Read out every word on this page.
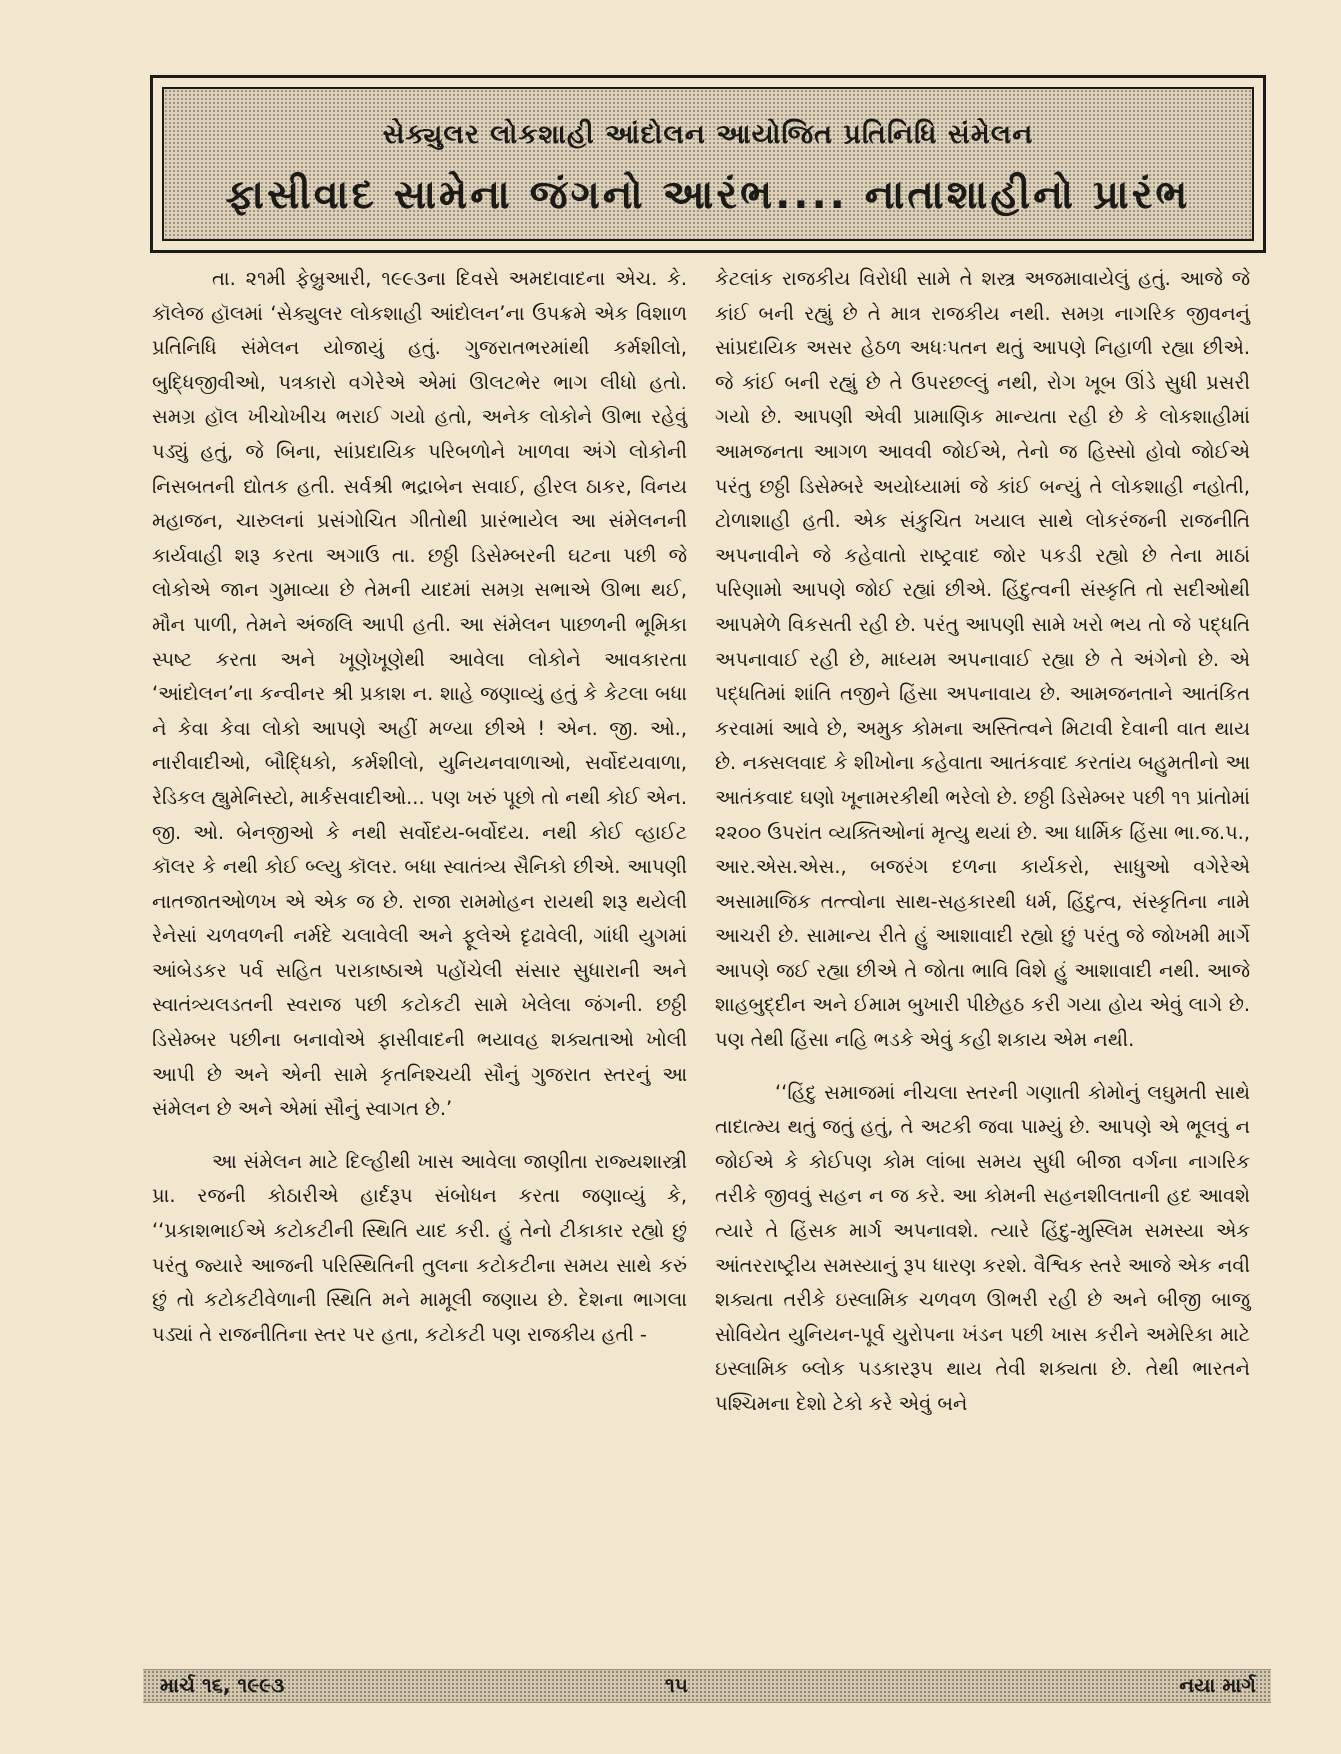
સેક્યુલર લોકશાહી આંદોલન આયોજિત પ્રતિનિધિ સંમેલન
ફાસીવાદ સામેના જંગનો આરંભ.... નાતાશાહીનો પ્રારંભ

તા. ૨૧મી ફેબ્રુઆરી, ૧૯૯૩ના દિવસે અમદાવાદના એચ. કે. કૉલેજ હૉલમાં ‘સેક્યુલર લોકશાહી આંદોલન’ના ઉપક્રમે એક વિશાળ પ્રતિનિધિ સંમેલન યોજાયું હતું. ગુજરાતભરમાંથી કર્મશીલો, બુદ્ધિજીવીઓ, પત્રકારો વગેરેએ એમાં ઊલટભેર ભાગ લીધો હતો. સમગ્ર હૉલ ખીચોખીચ ભરાઈ ગયો હતો, અનેક લોકોને ઊભા રહેવું પડ્યું હતું, જે બિના, સાંપ્રદાયિક પરિબળોને ખાળવા અંગે લોકોની નિસબતની દ્યોતક હતી. સર્વશ્રી ભદ્રાબેન સવાઈ, હીરલ ઠાકર, વિનય મહાજન, ચારુલનાં પ્રસંગોચિત ગીતોથી પ્રારંભાયેલ આ સંમેલનની કાર્યવાહી શરૂ કરતા અગાઉ તા. છઠ્ઠી ડિસેમ્બરની ઘટના પછી જે લોકોએ જાન ગુમાવ્યા છે તેમની યાદમાં સમગ્ર સભાએ ઊભા થઈ, મૌન પાળી, તેમને અંજલિ આપી હતી. આ સંમેલન પાછળની ભૂમિકા સ્પષ્ટ કરતા અને ખૂણેખૂણેથી આવેલા લોકોને આવકારતા ‘આંદોલન’ના કન્વીનર શ્રી પ્રકાશ ન. શાહે જણાવ્યું હતું કે કેટલા બધા ને કેવા કેવા લોકો આપણે અહીં મળ્યા છીએ ! એન. જી. ઓ., નારીવાદીઓ, બૌદ્ધિકો, કર્મશીલો, યુનિયનવાળાઓ, સર્વોદયવાળા, રેડિકલ હ્યુમેનિસ્ટો, માર્કસવાદીઓ... પણ ખરું પૂછો તો નથી કોઈ એન. જી. ઓ. બેનજીઓ કે નથી સર્વોદય-બર્વોદય. નથી કોઈ વ્હાઈટ કૉલર કે નથી કોઈ બ્લ્યુ કૉલર. બધા સ્વાતંત્ર્ય સૈનિકો છીએ. આપણી નાતજાતઓળખ એ એક જ છે. રાજા રામમોહન રાયથી શરૂ થયેલી રેનેસાં ચળવળની નર્મદે ચલાવેલી અને ફૂલેએ દૃઢાવેલી, ગાંધી યુગમાં આંબેડકર પર્વ સહિત પરાકાષ્ઠાએ પહોંચેલી સંસાર સુધારાની અને સ્વાતંત્ર્યલડતની સ્વરાજ પછી કટોકટી સામે ખેલેલા જંગની. છઠ્ઠી ડિસેમ્બર પછીના બનાવોએ ફાસીવાદની ભયાવહ શક્યતાઓ ખોલી આપી છે અને એની સામે કૃતનિશ્ચયી સૌનું ગુજરાત સ્તરનું આ સંમેલન છે અને એમાં સૌનું સ્વાગત છે.’

આ સંમેલન માટે દિલ્હીથી ખાસ આવેલા જાણીતા રાજ્યશાસ્ત્રી પ્રા. રજની કોઠારીએ હાર્દરૂપ સંબોધન કરતા જણાવ્યું કે, ‘‘પ્રકાશભાઈએ કટોકટીની સ્થિતિ યાદ કરી. હું તેનો ટીકાકાર રહ્યો છું પરંતુ જ્યારે આજની પરિસ્થિતિની તુલના કટોકટીના સમય સાથે કરું છું તો કટોકટીવેળાની સ્થિતિ મને મામૂલી જણાય છે. દેશના ભાગલા પડ્યાં તે રાજનીતિના સ્તર પર હતા, કટોકટી પણ રાજકીય હતી -

કેટલાંક રાજકીય વિરોધી સામે તે શસ્ત્ર અજમાવાયેલું હતું. આજે જે કાંઈ બની રહ્યું છે તે માત્ર રાજકીય નથી. સમગ્ર નાગરિક જીવનનું સાંપ્રદાયિક અસર હેઠળ અધઃપતન થતું આપણે નિહાળી રહ્યા છીએ. જે કાંઈ બની રહ્યું છે તે ઉપરછલ્લું નથી, રોગ ખૂબ ઊંડે સુધી પ્રસરી ગયો છે. આપણી એવી પ્રામાણિક માન્યતા રહી છે કે લોકશાહીમાં આમજનતા આગળ આવવી જોઈએ, તેનો જ હિસ્સો હોવો જોઈએ પરંતુ છઠ્ઠી ડિસેમ્બરે અયોધ્યામાં જે કાંઈ બન્યું તે લોકશાહી નહોતી, ટોળાશાહી હતી. એક સંકુચિત ખયાલ સાથે લોકરંજની રાજનીતિ અપનાવીને જે કહેવાતો રાષ્ટ્રવાદ જોર પકડી રહ્યો છે તેના માઠાં પરિણામો આપણે જોઈ રહ્યાં છીએ. હિંદુત્વની સંસ્કૃતિ તો સદીઓથી આપમેળે વિકસતી રહી છે. પરંતુ આપણી સામે ખરો ભય તો જે પદ્ધતિ અપનાવાઈ રહી છે, માધ્યમ અપનાવાઈ રહ્યા છે તે અંગેનો છે. એ પદ્ધતિમાં શાંતિ તજીને હિંસા અપનાવાય છે. આમજનતાને આતંકિત કરવામાં આવે છે, અમુક કોમના અસ્તિત્વને મિટાવી દેવાની વાત થાય છે. નક્સલવાદ કે શીખોના કહેવાતા આતંકવાદ કરતાંય બહુમતીનો આ આતંકવાદ ઘણો ખૂનામરકીથી ભરેલો છે. છઠ્ઠી ડિસેમ્બર પછી ૧૧ પ્રાંતોમાં ૨૨૦૦ ઉપરાંત વ્યક્તિઓનાં મૃત્યુ થયાં છે. આ ધાર્મિક હિંસા ભા.જ.પ., આર.એસ.એસ., બજરંગ દળના કાર્યકરો, સાધુઓ વગેરેએ અસામાજિક તત્ત્વોના સાથ-સહકારથી ધર્મ, હિંદુત્વ, સંસ્કૃતિના નામે આચરી છે. સામાન્ય રીતે હું આશાવાદી રહ્યો છું પરંતુ જે જોખમી માર્ગે આપણે જઈ રહ્યા છીએ તે જોતા ભાવિ વિશે હું આશાવાદી નથી. આજે શાહબુદ્દીન અને ઈમામ બુખારી પીછેહઠ કરી ગયા હોય એવું લાગે છે. પણ તેથી હિંસા નહિ ભડકે એવું કહી શકાય એમ નથી.

‘‘હિંદુ સમાજમાં નીચલા સ્તરની ગણાતી કોમોનું લઘુમતી સાથે તાદાત્મ્ય થતું જતું હતું, તે અટકી જવા પામ્યું છે. આપણે એ ભૂલવું ન જોઈએ કે કોઈપણ કોમ લાંબા સમય સુધી બીજા વર્ગના નાગરિક તરીકે જીવવું સહન ન જ કરે. આ કોમની સહનશીલતાની હદ આવશે ત્યારે તે હિંસક માર્ગ અપનાવશે. ત્યારે હિંદુ-મુસ્લિમ સમસ્યા એક આંતરરાષ્ટ્રીય સમસ્યાનું રૂપ ધારણ કરશે. વૈશ્વિક સ્તરે આજે એક નવી શક્યતા તરીકે ઇસ્લામિક ચળવળ ઊભરી રહી છે અને બીજી બાજુ સોવિયેત યુનિયન-પૂર્વ યુરોપના ખંડન પછી ખાસ કરીને અમેરિકા માટે ઇસ્લામિક બ્લોક પડકારરૂપ થાય તેવી શક્યતા છે. તેથી ભારતને પશ્ચિમના દેશો ટેકો કરે એવું બને

માર્ચ ૧૬, ૧૯૯૩	૧૫	નયા માર્ગ
